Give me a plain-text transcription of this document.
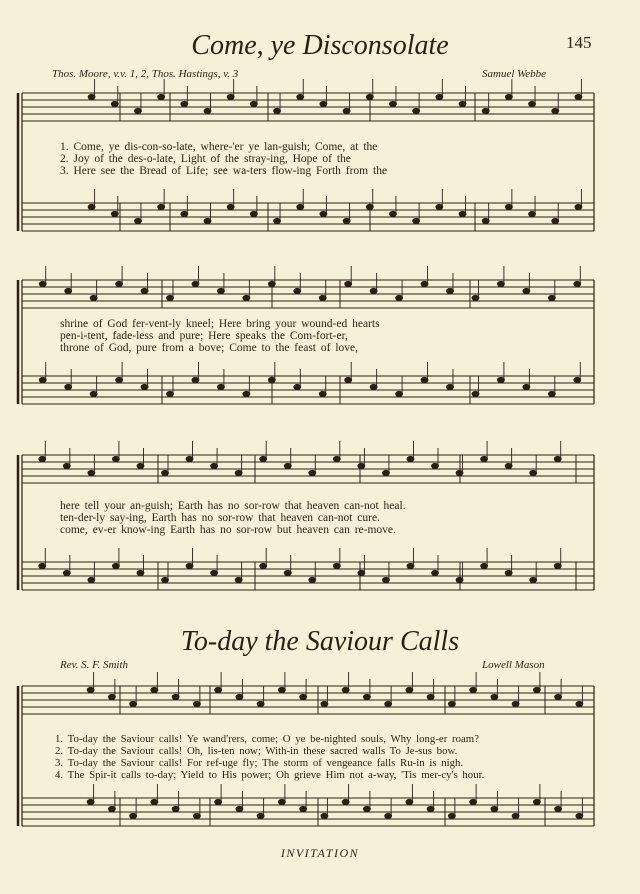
145
Come, ye Disconsolate
Thos. Moore, v.v. 1, 2, Thos. Hastings, v. 3	Samuel Webbe
1. Come, ye dis-con-so-late, where-'er ye lan-guish; Come, at the
2. Joy of the des-o-late, Light of the stray-ing, Hope of the
3. Here see the Bread of Life; see wa-ters flow-ing Forth from the
shrine of God fer-vent-ly kneel; Here bring your wound-ed hearts
pen-i-tent, fade-less and pure; Here speaks the Com-fort-er,
throne of God, pure from a bove; Come to the feast of love,
here tell your an-guish; Earth has no sor-row that heaven can-not heal.
ten-der-ly say-ing, Earth has no sor-row that heaven can-not cure.
come, ev-er know-ing Earth has no sor-row but heaven can re-move.
To-day the Saviour Calls
Rev. S. F. Smith	Lowell Mason
1. To-day the Saviour calls! Ye wand'rers, come; O ye be-nighted souls, Why long-er roam?
2. To-day the Saviour calls! Oh, lis-ten now; With-in these sacred walls To Je-sus bow.
3. To-day the Saviour calls! For ref-uge fly; The storm of vengeance falls Ru-in is nigh.
4. The Spir-it calls to-day; Yield to His power; Oh grieve Him not a-way, 'Tis mer-cy's hour.
INVITATION
